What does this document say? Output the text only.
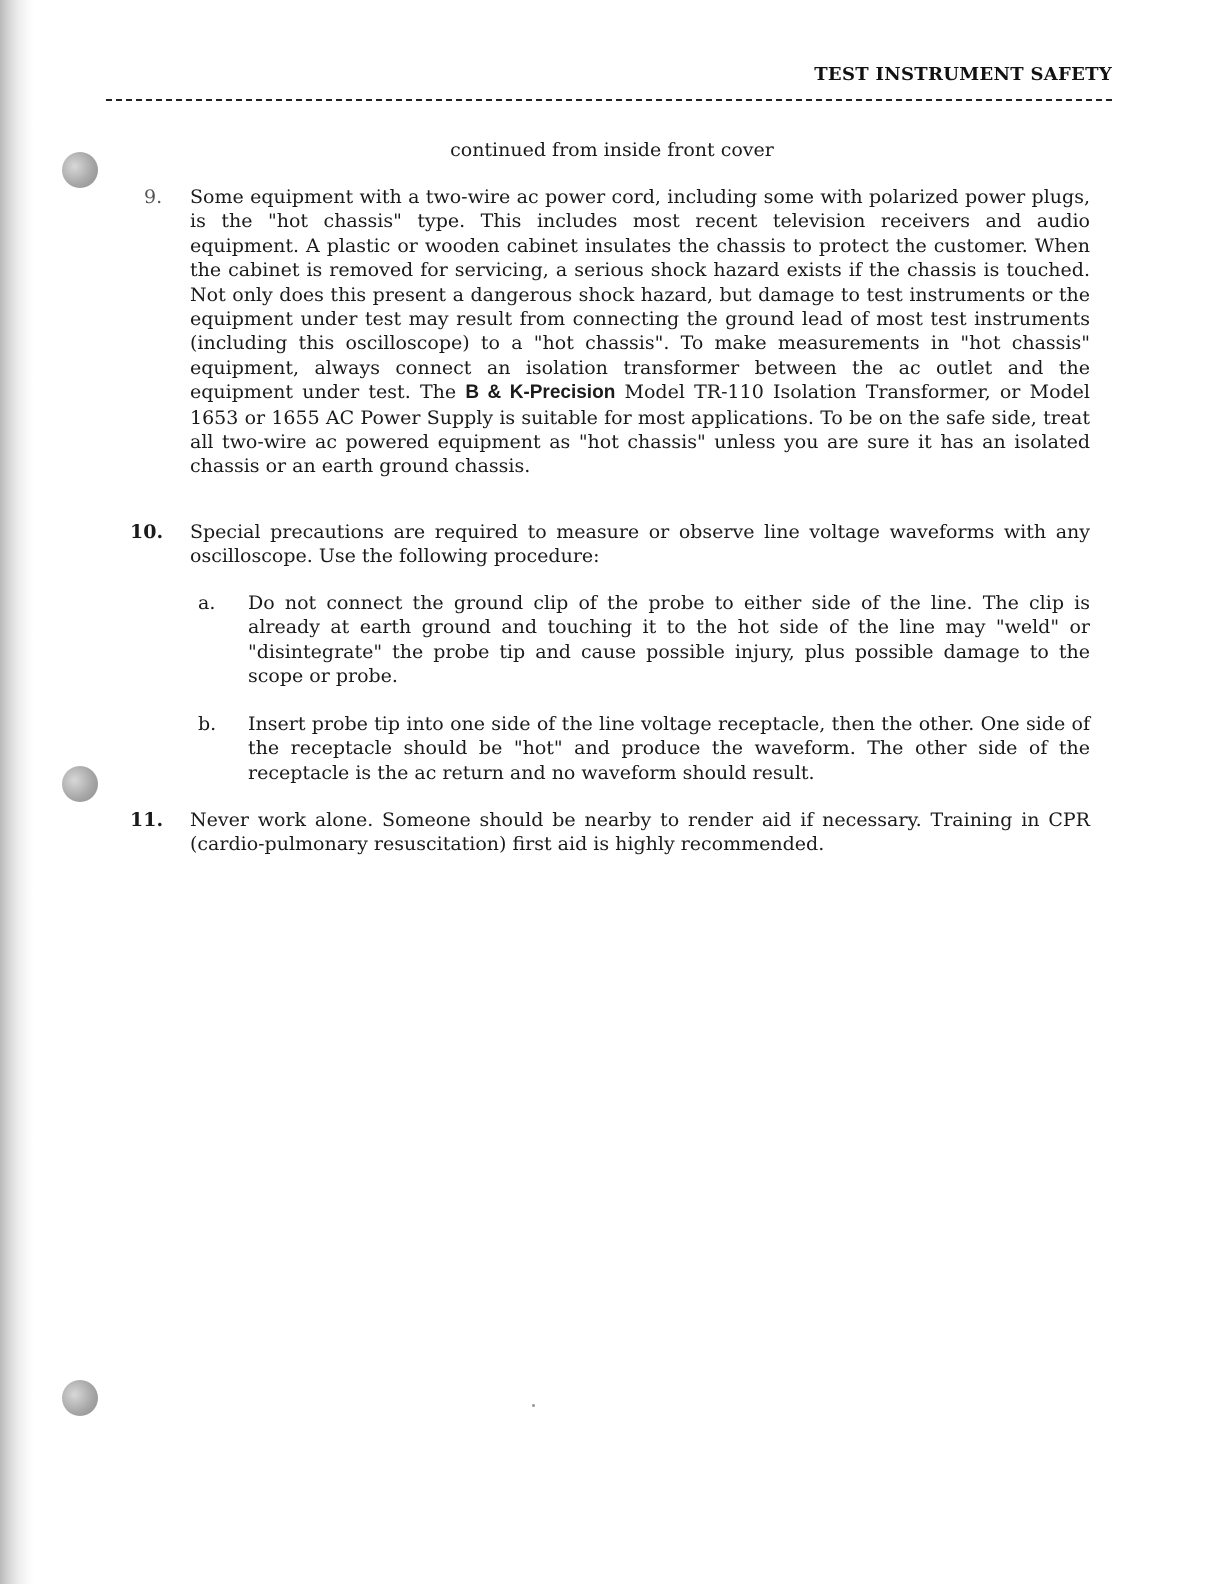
TEST INSTRUMENT SAFETY
continued from inside front cover
9. Some equipment with a two-wire ac power cord, including some with polarized power plugs, is the "hot chassis" type. This includes most recent television receivers and audio equipment. A plastic or wooden cabinet insulates the chassis to protect the customer. When the cabinet is removed for servicing, a serious shock hazard exists if the chassis is touched. Not only does this present a dangerous shock hazard, but damage to test instruments or the equipment under test may result from connecting the ground lead of most test instruments (including this oscilloscope) to a "hot chassis". To make measurements in "hot chassis" equipment, always connect an isolation transformer between the ac outlet and the equipment under test. The B & K-Precision Model TR-110 Isolation Transformer, or Model 1653 or 1655 AC Power Supply is suitable for most applications. To be on the safe side, treat all two-wire ac powered equipment as "hot chassis" unless you are sure it has an isolated chassis or an earth ground chassis.
10. Special precautions are required to measure or observe line voltage waveforms with any oscilloscope. Use the following procedure:
a. Do not connect the ground clip of the probe to either side of the line. The clip is already at earth ground and touching it to the hot side of the line may "weld" or "disintegrate" the probe tip and cause possible injury, plus possible damage to the scope or probe.
b. Insert probe tip into one side of the line voltage receptacle, then the other. One side of the receptacle should be "hot" and produce the waveform. The other side of the receptacle is the ac return and no waveform should result.
11. Never work alone. Someone should be nearby to render aid if necessary. Training in CPR (cardio-pulmonary resuscitation) first aid is highly recommended.
